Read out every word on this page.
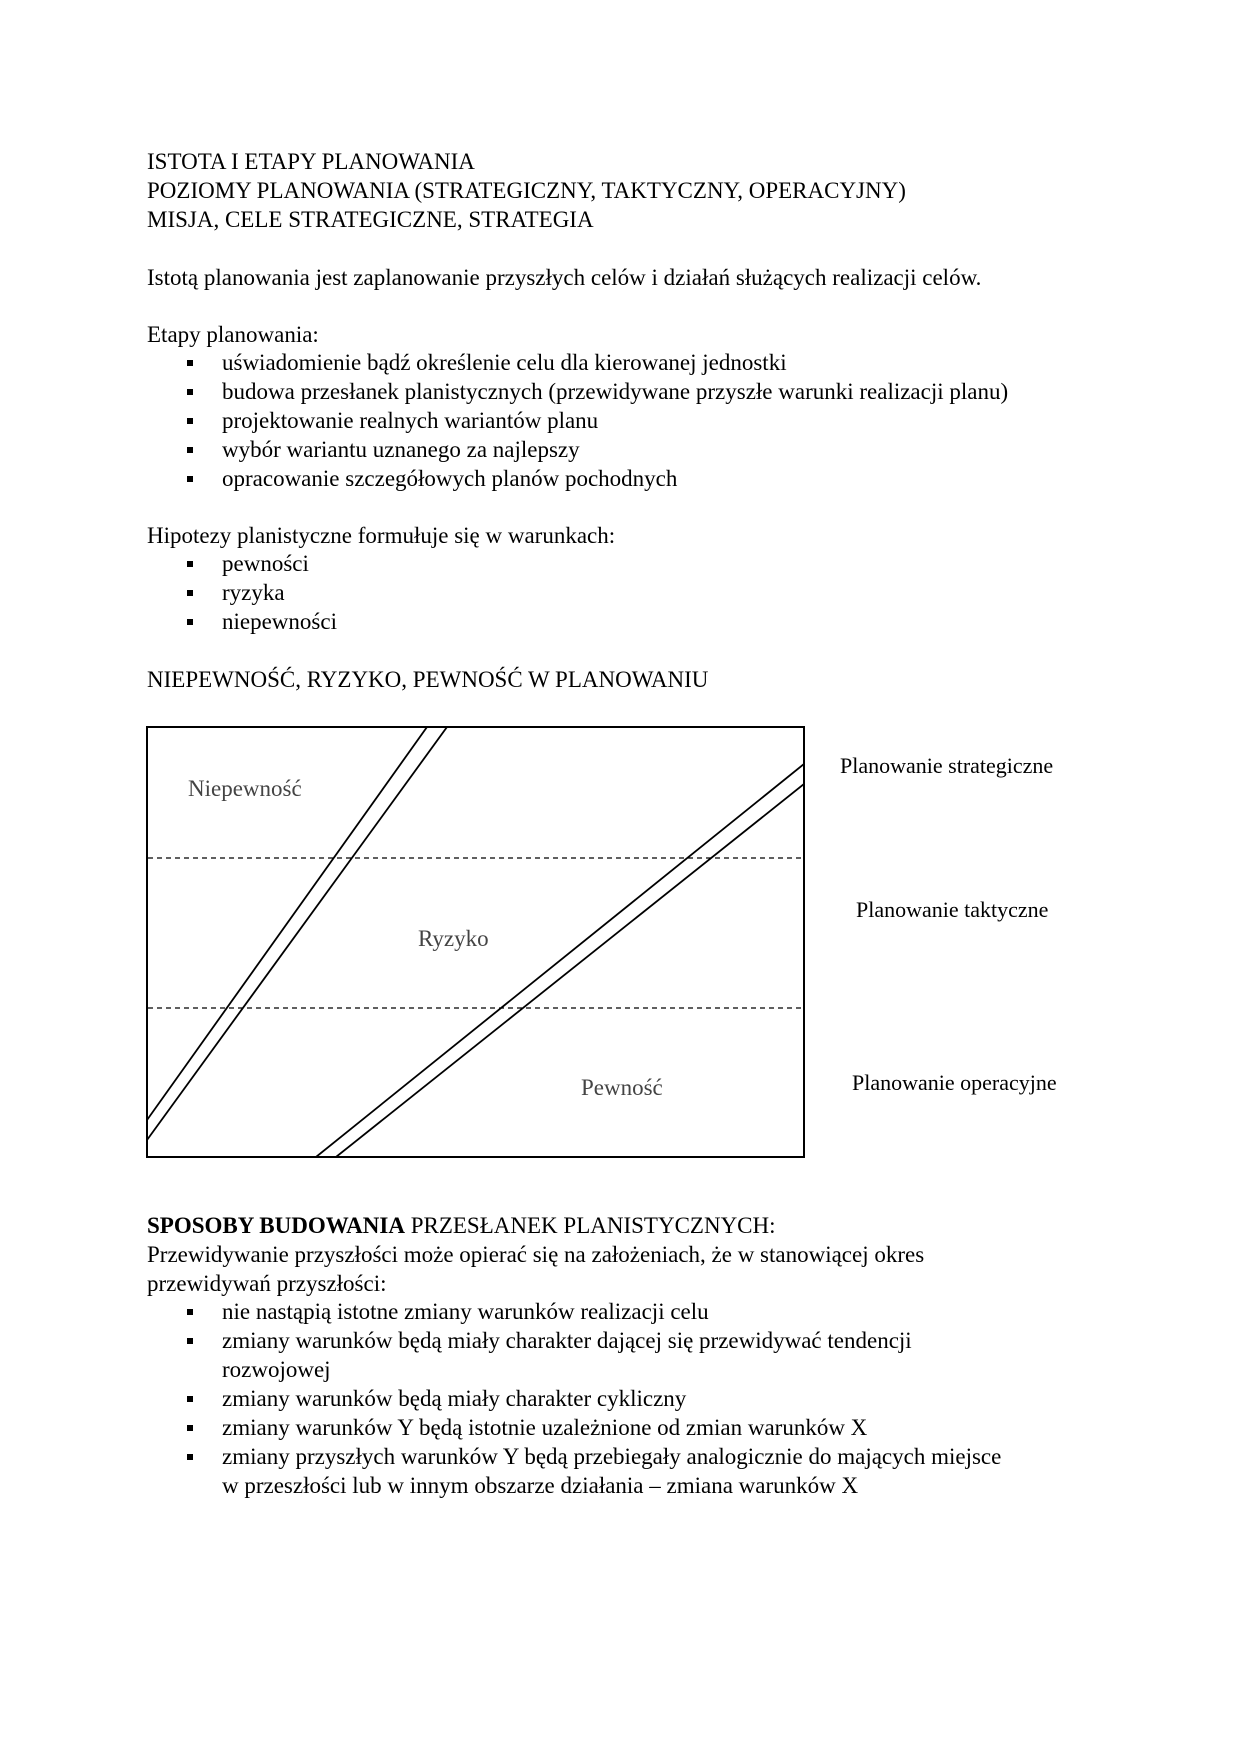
ISTOTA I ETAPY PLANOWANIA
POZIOMY PLANOWANIA (STRATEGICZNY, TAKTYCZNY, OPERACYJNY)
MISJA, CELE STRATEGICZNE, STRATEGIA
Istotą planowania jest zaplanowanie przyszłych celów i działań służących realizacji celów.
Etapy planowania:
uświadomienie bądź określenie celu dla kierowanej jednostki
budowa przesłanek planistycznych (przewidywane przyszłe warunki realizacji planu)
projektowanie realnych wariantów planu
wybór wariantu uznanego za najlepszy
opracowanie szczegółowych planów pochodnych
Hipotezy planistyczne formułuje się w warunkach:
pewności
ryzyka
niepewności
NIEPEWNOŚĆ, RYZYKO, PEWNOŚĆ W PLANOWANIU
Niepewność
Ryzyko
Pewność
Planowanie strategiczne
Planowanie taktyczne
Planowanie operacyjne
SPOSOBY BUDOWANIA PRZESŁANEK PLANISTYCZNYCH:
Przewidywanie przyszłości może opierać się na założeniach, że w stanowiącej okres
przewidywań przyszłości:
nie nastąpią istotne zmiany warunków realizacji celu
zmiany warunków będą miały charakter dającej się przewidywać tendencji
rozwojowej
zmiany warunków będą miały charakter cykliczny
zmiany warunków Y będą istotnie uzależnione od zmian warunków X
zmiany przyszłych warunków Y będą przebiegały analogicznie do mających miejsce
w przeszłości lub w innym obszarze działania – zmiana warunków X
